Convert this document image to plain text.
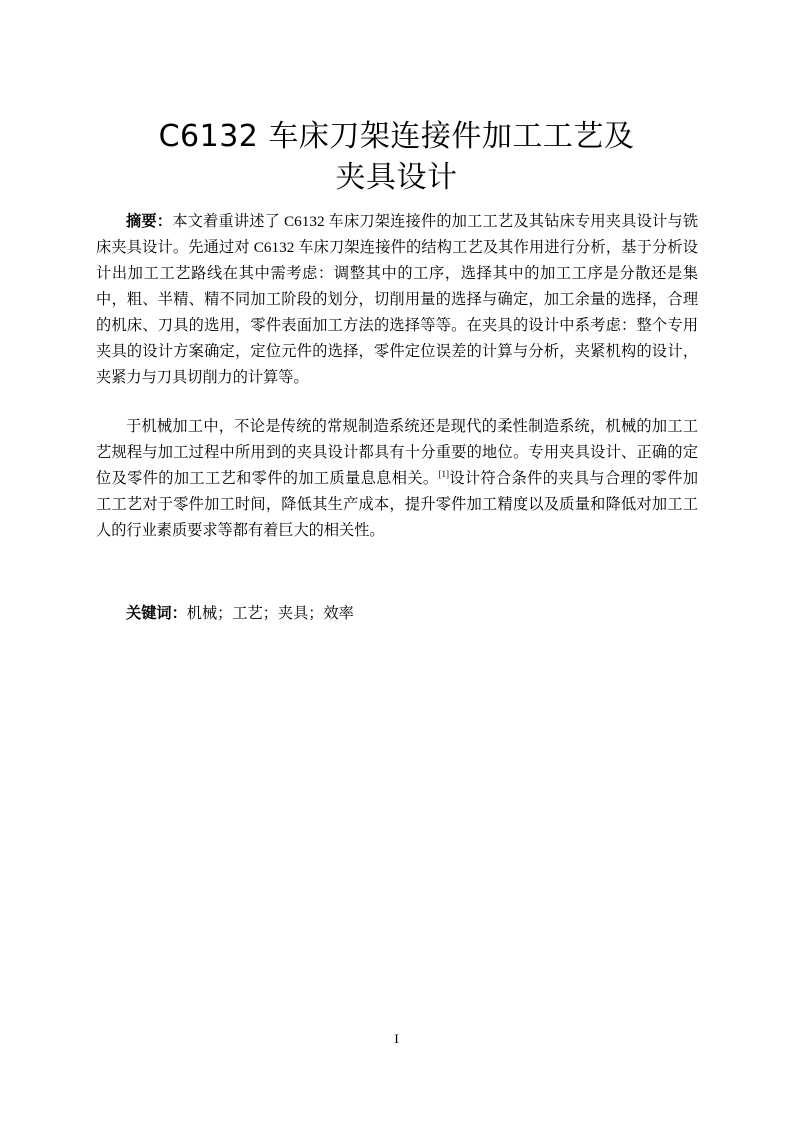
C6132 车床刀架连接件加工工艺及
夹具设计

摘要：本文着重讲述了 C6132 车床刀架连接件的加工工艺及其钻床专用夹具设计与铣床夹具设计。先通过对 C6132 车床刀架连接件的结构工艺及其作用进行分析，基于分析设计出加工工艺路线在其中需考虑：调整其中的工序，选择其中的加工工序是分散还是集中，粗、半精、精不同加工阶段的划分，切削用量的选择与确定，加工余量的选择，合理的机床、刀具的选用，零件表面加工方法的选择等等。在夹具的设计中系考虑：整个专用夹具的设计方案确定，定位元件的选择，零件定位误差的计算与分析，夹紧机构的设计，夹紧力与刀具切削力的计算等。

于机械加工中，不论是传统的常规制造系统还是现代的柔性制造系统，机械的加工工艺规程与加工过程中所用到的夹具设计都具有十分重要的地位。专用夹具设计、正确的定位及零件的加工工艺和零件的加工质量息息相关。[1]设计符合条件的夹具与合理的零件加工工艺对于零件加工时间，降低其生产成本，提升零件加工精度以及质量和降低对加工工人的行业素质要求等都有着巨大的相关性。

关键词：机械；工艺；夹具；效率

I
